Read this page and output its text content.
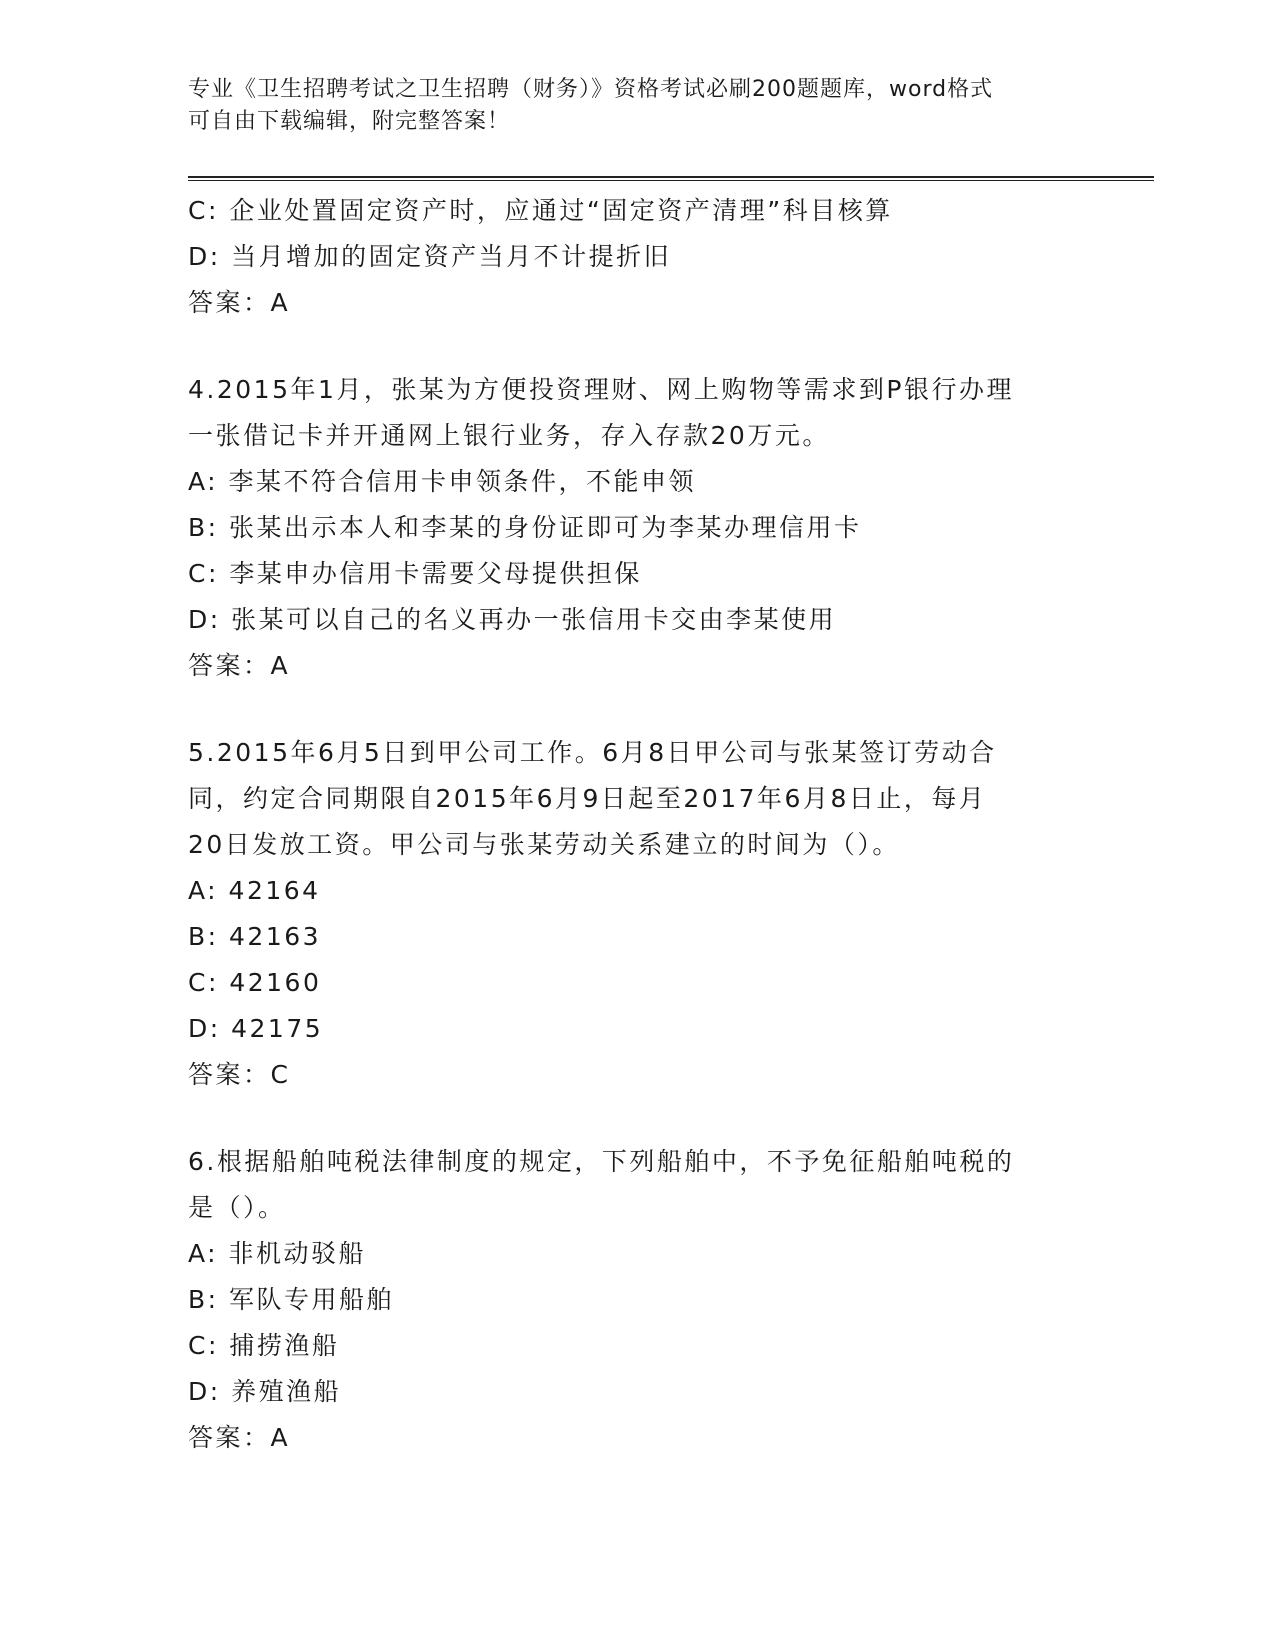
专业《卫生招聘考试之卫生招聘（财务）》资格考试必刷200题题库，word格式
可自由下载编辑，附完整答案！
C: 企业处置固定资产时，应通过“固定资产清理”科目核算
D: 当月增加的固定资产当月不计提折旧
答案：A
4.2015年1月，张某为方便投资理财、网上购物等需求到P银行办理
一张借记卡并开通网上银行业务，存入存款20万元。
A: 李某不符合信用卡申领条件，不能申领
B: 张某出示本人和李某的身份证即可为李某办理信用卡
C: 李某申办信用卡需要父母提供担保
D: 张某可以自己的名义再办一张信用卡交由李某使用
答案：A
5.2015年6月5日到甲公司工作。6月8日甲公司与张某签订劳动合
同，约定合同期限自2015年6月9日起至2017年6月8日止，每月
20日发放工资。甲公司与张某劳动关系建立的时间为（）。
A: 42164
B: 42163
C: 42160
D: 42175
答案：C
6.根据船舶吨税法律制度的规定，下列船舶中，不予免征船舶吨税的
是（）。
A: 非机动驳船
B: 军队专用船舶
C: 捕捞渔船
D: 养殖渔船
答案：A
